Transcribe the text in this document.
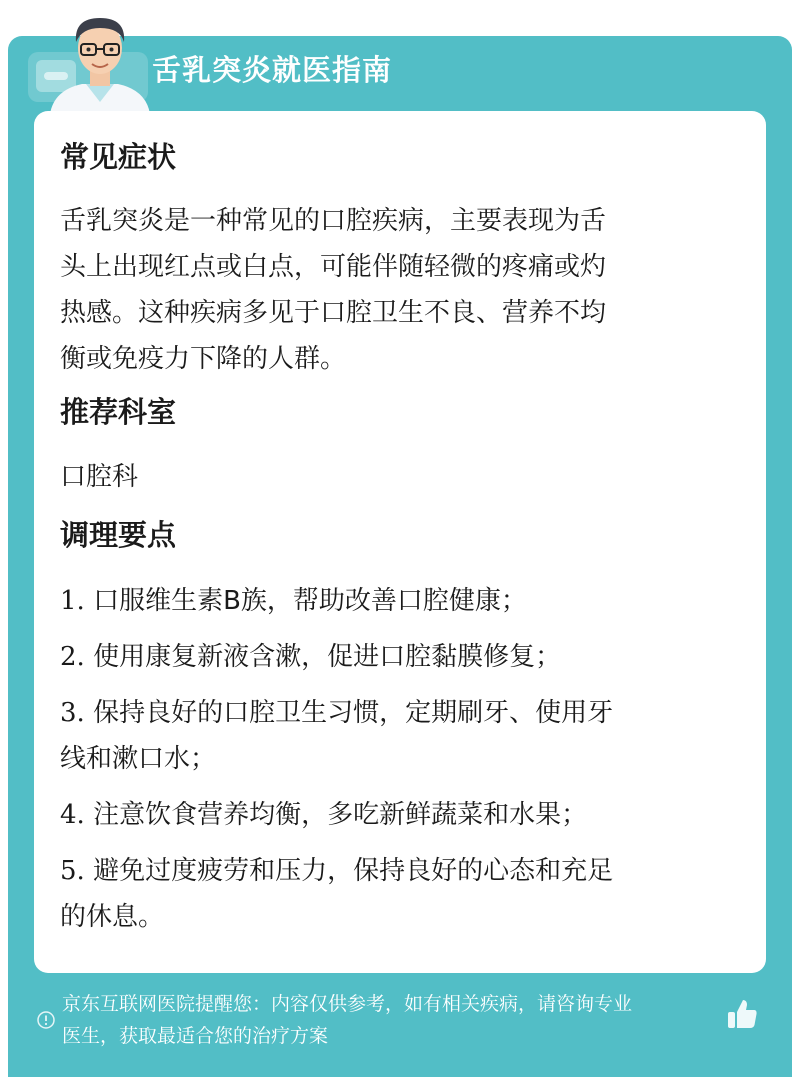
舌乳突炎就医指南
常见症状
舌乳突炎是一种常见的口腔疾病，主要表现为舌
头上出现红点或白点，可能伴随轻微的疼痛或灼
热感。这种疾病多见于口腔卫生不良、营养不均
衡或免疫力下降的人群。
推荐科室
口腔科
调理要点
1. 口服维生素B族，帮助改善口腔健康；
2. 使用康复新液含漱，促进口腔黏膜修复；
3. 保持良好的口腔卫生习惯，定期刷牙、使用牙
线和漱口水；
4. 注意饮食营养均衡，多吃新鲜蔬菜和水果；
5. 避免过度疲劳和压力，保持良好的心态和充足
的休息。
京东互联网医院提醒您：内容仅供参考，如有相关疾病，请咨询专业
医生，获取最适合您的治疗方案
